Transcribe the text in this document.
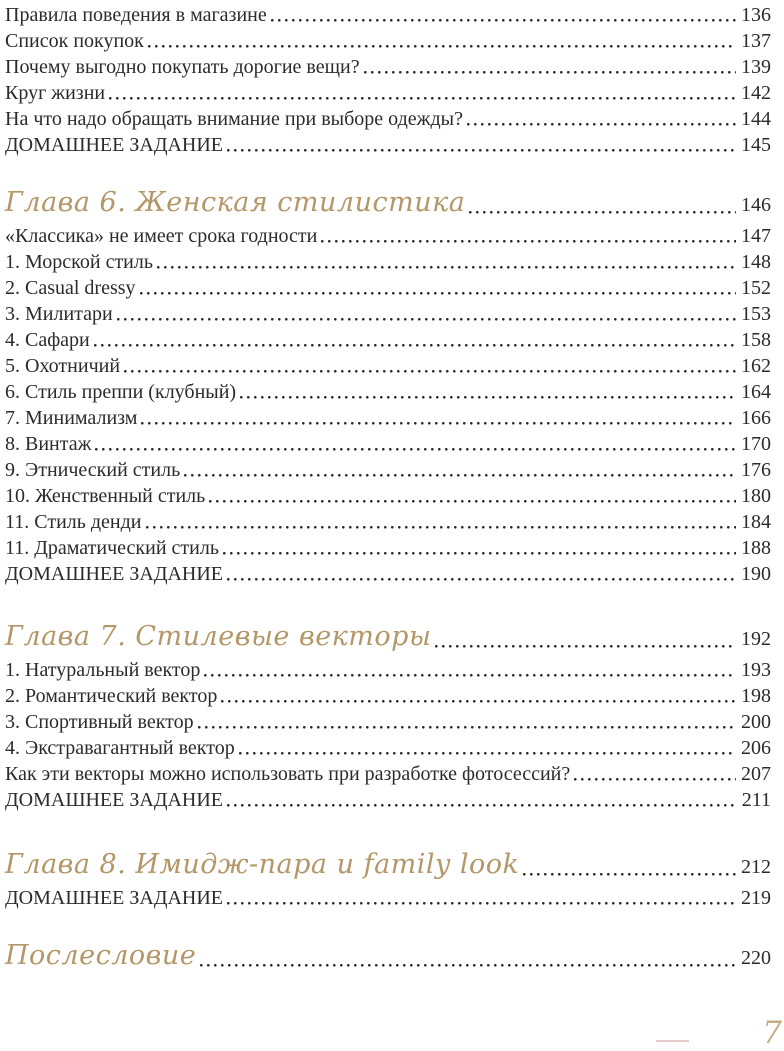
Правила поведения в магазине	136
Список покупок	137
Почему выгодно покупать дорогие вещи?	139
Круг жизни	142
На что надо обращать внимание при выборе одежды?	144
ДОМАШНЕЕ ЗАДАНИЕ	145
Глава 6. Женская стилистика	146
«Классика» не имеет срока годности	147
1. Морской стиль	148
2. Casual dressy	152
3. Милитари	153
4. Сафари	158
5. Охотничий	162
6. Стиль преппи (клубный)	164
7. Минимализм	166
8. Винтаж	170
9. Этнический стиль	176
10. Женственный стиль	180
11. Стиль денди	184
11. Драматический стиль	188
ДОМАШНЕЕ ЗАДАНИЕ	190
Глава 7. Стилевые векторы	192
1. Натуральный вектор	193
2. Романтический вектор	198
3. Спортивный вектор	200
4. Экстравагантный вектор	206
Как эти векторы можно использовать при разработке фотосессий?	207
ДОМАШНЕЕ ЗАДАНИЕ	211
Глава 8. Имидж-пара и family look	212
ДОМАШНЕЕ ЗАДАНИЕ	219
Послесловие	220
7
